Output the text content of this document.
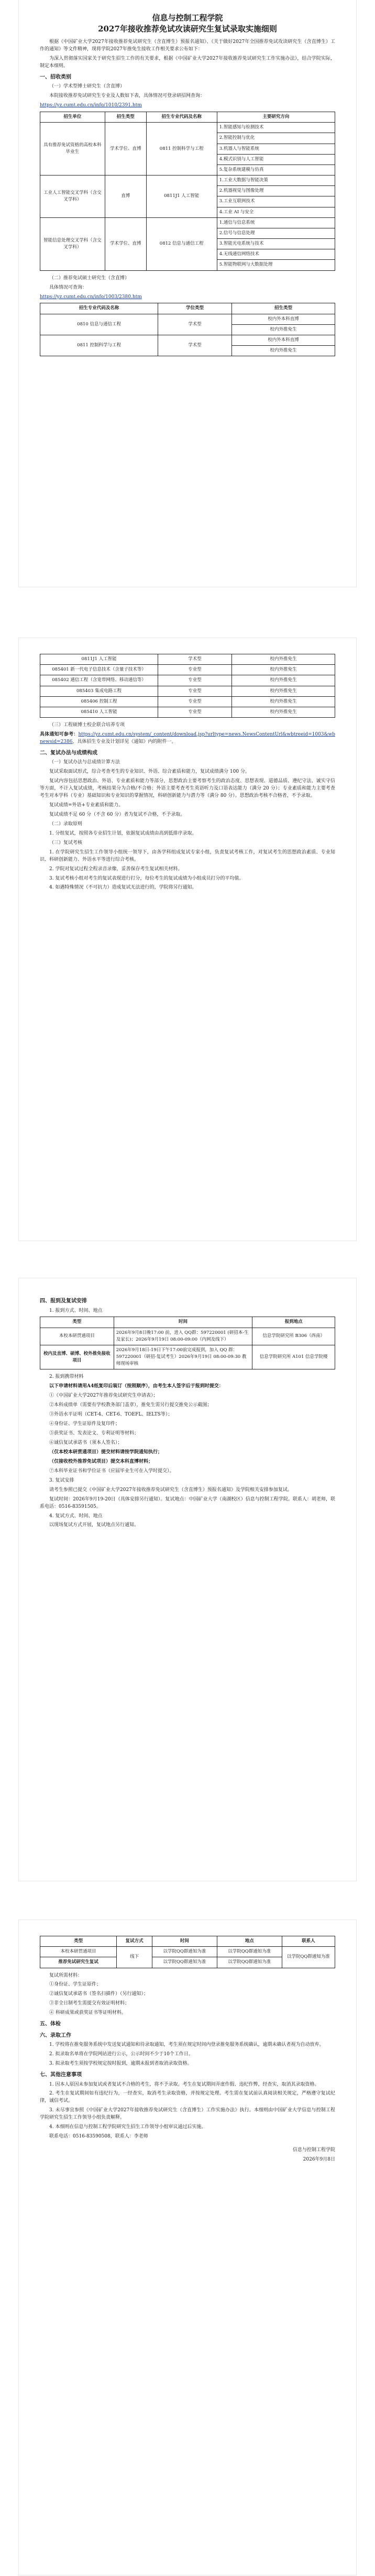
信息与控制工程学院
2027年接收推荐免试攻读研究生复试录取实施细则

根据《中国矿业大学2027年接收推荐免试研究生（含直博生）预报名通知》、《关于做好2027年全国推荐免试攻读研究生（含直博生）工作的通知》等文件精神，现将学院2027年推免生接收工作相关要求公布如下：

为深入贯彻落实国家关于研究生招生工作的有关要求，根据《中国矿业大学2027年接收推荐免试研究生工作实施办法》，结合学院实际，制定本细则。

一、招收类别

（一）学术型博士研究生（含直博）

本院接收推荐免试研究生专业及人数如下表，具体情况可登录研招网查询：

https://yz.cumt.edu.cn/info/1010/2391.htm

招生单位	招生类型	招生专业代码及名称	主要研究方向
具有推荐免试资格的高校本科毕业生	学术学位、直博	0811 控制科学与工程	1.智能感知与检测技术
			2.智能控制与优化
			3.机器人与智能系统
			4.模式识别与人工智能
			5.复杂系统建模与仿真
工业人工智能交叉学科（含交叉学科）	直博	0811J1 人工智能	1.工业大数据与智能决策
			2.机器视觉与图像处理
			3.工业互联网技术
			4.工业 AI 与安全
智能信息处理交叉学科（含交叉学科）	学术学位、直博	0812 信息与通信工程	1.通信与信息系统
			2.信号与信息处理
			3.智能光电系统与技术
			4.无线通信网络技术
			5.智能物联网与大数据处理

（二）推荐免试硕士研究生（含直博）

具体情况可查询：

https://yz.cumt.edu.cn/info/1003/2380.htm

招生专业代码及名称	学位类型	招生类型
0810 信息与通信工程	学术型	校内外本科直博
		校内外推免生
0811 控制科学与工程	学术型	校内外本科直博
		校内外推免生
0811J1 人工智能	学术型	校内外推免生
085401 新一代电子信息技术（含量子技术等）	专业型	校内外推免生
085402 通信工程（含宽带网络、移动通信等）	专业型	校内外推免生
085403 集成电路工程	专业型	校内外推免生
085406 控制工程	专业型	校内外推免生
085410 人工智能	专业型	校内外推免生

（三）工程硕博士校企联合培养专项

具体通知可参考：https://yz.cumt.edu.cn/system/_content/download.jsp?urltype=news.NewsContentUrl&wbtreeid=1003&wbnewsid=2386，具体招生专业及计划详见《通知》内的附件一。

二、复试办法与成绩构成

（一）复试办法与总成绩计算方法

复试采取面试形式，综合考查考生的专业知识、外语、综合素质和能力，复试成绩满分 100 分。

复试内容包括思想政治、外语、专业素质和能力等部分，思想政治主要考察考生的政治态度、思想表现、道德品质、遵纪守法、诚实守信等方面，不计入复试成绩，考核结果分为合格/不合格；外语主要考查考生英语听力及口语表达能力（满分 20 分）；专业素质和能力主要考查考生对本学科（专业）基础知识和专业知识的掌握情况，科研创新能力与潜力等（满分 80 分）。思想政治考核不合格者，不予录取。

复试成绩=外语+专业素质和能力。

复试成绩不足 60 分（不含 60 分）者为复试不合格，不予录取。

（二）录取原则

1. 分组复试，按照各专业招生计划，依据复试成绩由高到低排序录取。

（三）复试考核

1. 在学院研究生招生工作领导小组统一领导下，由各学科组成复试专家小组，负责复试考核工作，对复试考生的思想政治素质、专业知识、科研创新能力、外语水平等进行综合考核。

2. 学院对复试过程全程录音录像，妥善保存考生复试相关材料。

3. 复试考核小组对考生的复试表现进行打分，每位考生的复试成绩为小组成员打分的平均值。

4. 如遇特殊情况（不可抗力）造成复试无法进行的，学院将另行通知。

四、报到及复试安排

1. 报到方式、时间、地点

类型	时间	报到地点
本校本研贯通项目	2026年9月8日晚17:00 前，进入 QQ群：597220001 (研招本-生及家长)；2026年9月19日 08:00-09:00（内网及线下）	信息学院研究所 B306（西南）
校内及直博、硕博、校外推免接收项目	2026年9月18日-19日下午17:00前完成报到，加入 QQ 群：597220001（研招-复试考生）2026年9月19日 08:00-09:30 教师现场审核	信息学院研究所 A101 信息学院楼

2. 报到携带材料

以下申请材料请用A4纸复印后装订（按照顺序），由考生本人签字后于报到时提交：

①《中国矿业大学2027年推荐免试研究生申请表》；

②本科成绩单（需要有学校教务部门盖章），推免生需另行提交推免公示截图；

③外语水平证明（CET-4、CET-6、TOEFL、IELTS等）；

④身份证、学生证原件及复印件；

⑤获奖证书、发表论文、专利证明等材料；

⑥诚信复试承诺书（须本人签名）；

（仅本校本研贯通项目）提交材料请按学院通知执行；

（仅接收校外推荐免试项目）提交本科直博材料；

⑦本科毕业证书和学位证书（应届毕业生可在入学时提交）。

3. 复试安排

请考生参照已提交《中国矿业大学2027年接收推荐免试研究生（含直博生）预报名通知》及学院相关安排参加复试。

复试时间：2026年9月19-20日（具体安排另行通知）。复试地点：中国矿业大学（南湖校区）信息与控制工程学院。联系人：胡老师，联系电话：0516-83591505。

4. 复试方式、时间、地点

以现场复试方式开展，复试地点另行通知。

类型	复试方式	时间	地点	联系人
本校本研贯通项目	线下	以学院QQ群通知为准	以学院QQ群通知为准	以学院QQ群通知为准
推荐免试研究生复试		以学院QQ群通知为准	以学院QQ群通知为准	

复试所需材料：

①身份证、学生证原件；

②诚信复试承诺书（签名扫描件）（另行通知）；

③非全日制考生需提交有效证明材料；

④ 科研成果或获奖证书等证明材料。

五、体检
六、录取工作

1. 学校将在推免服务系统中发送复试通知和待录取通知，考生须在规定时间内登录推免服务系统确认，逾期未确认者视为自动放弃。

2. 拟录取名单将在学院网站进行公示，公示时间不少于10个工作日。

3. 拟录取考生须按学校规定按时报到，逾期未报到者取消录取资格。

七、其他注意事项

1. 因本人原因未参加复试或者复试不合格的考生，将不予录取。考生在复试期间弄虚作假、违纪作弊，经查实，取消其录取资格。

2. 考生在复试期间如有违纪行为，一经查实，取消考生录取资格，并按规定处理。考生需在复试前认真阅读相关规定，严格遵守复试纪律，诚信考试。

3. 未尽事宜参照《中国矿业大学2027年接收推荐免试研究生（含直博生）工作实施办法》执行。本细则由中国矿业大学信息与控制工程学院研究生招生工作领导小组负责解释。

4. 本细则在信息与控制工程学院研究生招生工作领导小组审议通过后实施。

联系电话：0516-83590508，联系人：李老师

信息与控制工程学院

2026年9月8日
